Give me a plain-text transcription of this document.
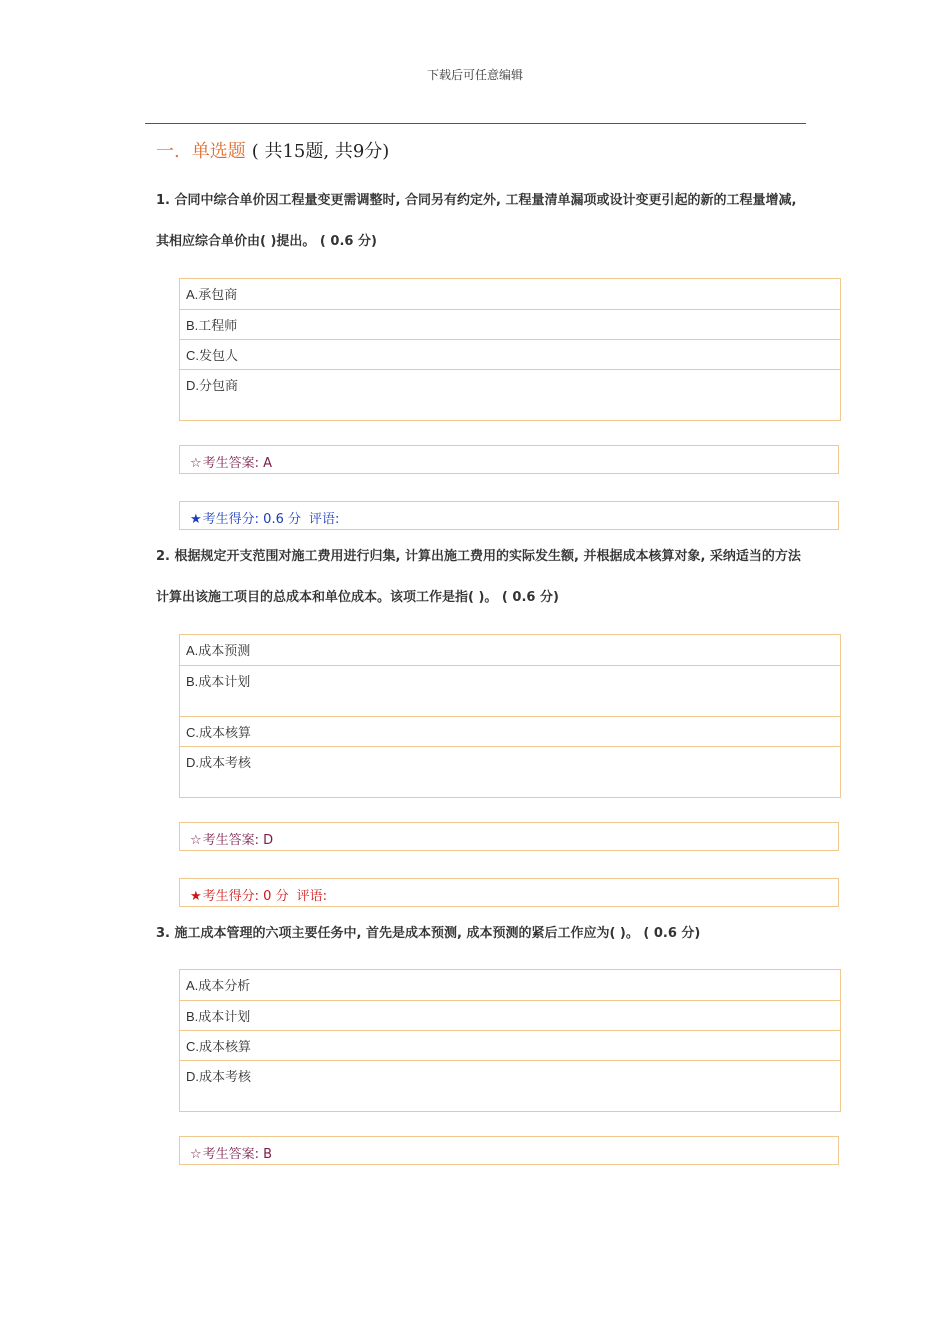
下载后可任意编辑
一. 单选题 ( 共15题, 共9分)
1. 合同中综合单价因工程量变更需调整时, 合同另有约定外, 工程量清单漏项或设计变更引起的新的工程量增减, 其相应综合单价由( )提出。 ( 0.6 分)
A.承包商
B.工程师
C.发包人
D.分包商
☆考生答案: A
★考生得分: 0.6 分 评语:
2. 根据规定开支范围对施工费用进行归集, 计算出施工费用的实际发生额, 并根据成本核算对象, 采纳适当的方法计算出该施工项目的总成本和单位成本。该项工作是指( )。 ( 0.6 分)
A.成本预测
B.成本计划
C.成本核算
D.成本考核
☆考生答案: D
★考生得分: 0 分 评语:
3. 施工成本管理的六项主要任务中, 首先是成本预测, 成本预测的紧后工作应为( )。 ( 0.6 分)
A.成本分析
B.成本计划
C.成本核算
D.成本考核
☆考生答案: B
